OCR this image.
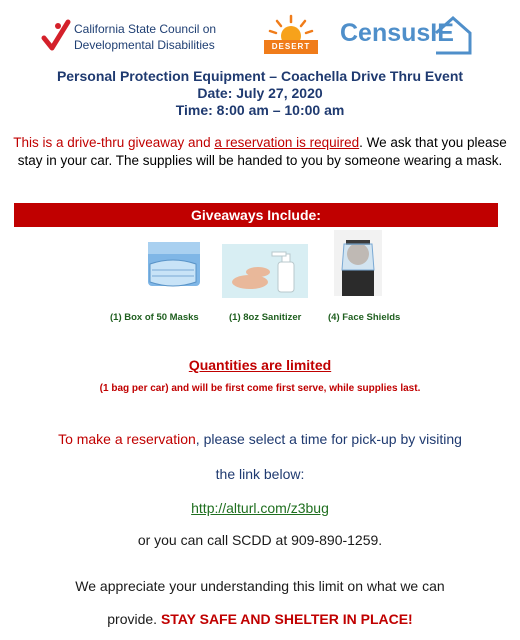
California State Council on
Developmental Disabilities	DESERT	CensusIE
Personal Protection Equipment – Coachella Drive Thru Event
Date: July 27, 2020
Time: 8:00 am – 10:00 am
This is a drive-thru giveaway and a reservation is required. We ask that you please stay in your car. The supplies will be handed to you by someone wearing a mask.
Giveaways Include:
(1) Box of 50 Masks	(1) 8oz Sanitizer	(4) Face Shields
Quantities are limited
(1 bag per car) and will be first come first serve, while supplies last.
To make a reservation, please select a time for pick-up by visiting
the link below:
http://alturl.com/z3bug
or you can call SCDD at 909-890-1259.
We appreciate your understanding this limit on what we can
provide. STAY SAFE AND SHELTER IN PLACE!
